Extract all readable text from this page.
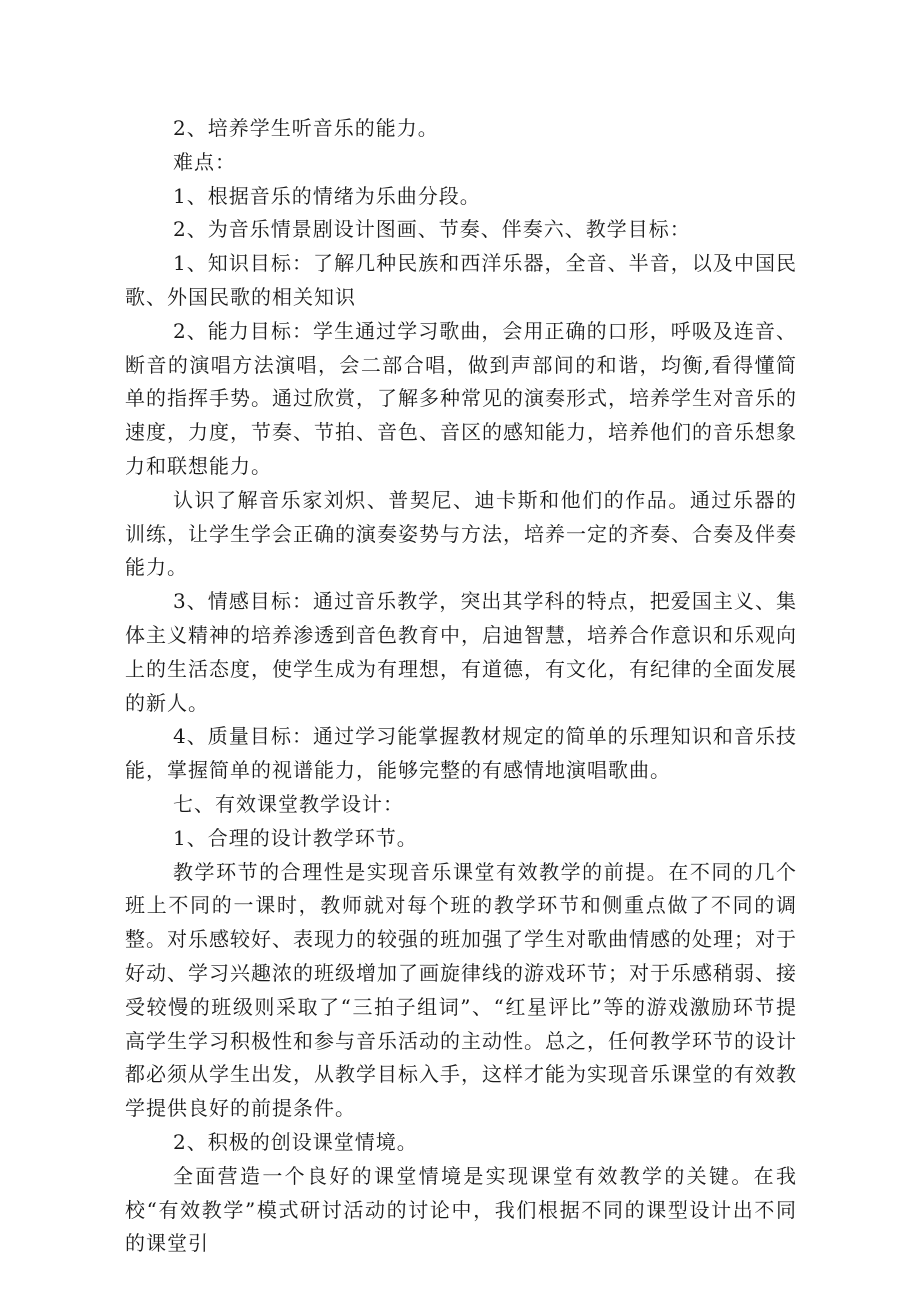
2、培养学生听音乐的能力。

难点：

1、根据音乐的情绪为乐曲分段。

2、为音乐情景剧设计图画、节奏、伴奏六、教学目标：

1、知识目标：了解几种民族和西洋乐器，全音、半音，以及中国民歌、外国民歌的相关知识

2、能力目标：学生通过学习歌曲，会用正确的口形，呼吸及连音、断音的演唱方法演唱，会二部合唱，做到声部间的和谐，均衡,看得懂简单的指挥手势。通过欣赏，了解多种常见的演奏形式，培养学生对音乐的速度，力度，节奏、节拍、音色、音区的感知能力，培养他们的音乐想象力和联想能力。

认识了解音乐家刘炽、普契尼、迪卡斯和他们的作品。通过乐器的训练，让学生学会正确的演奏姿势与方法，培养一定的齐奏、合奏及伴奏能力。

3、情感目标：通过音乐教学，突出其学科的特点，把爱国主义、集体主义精神的培养渗透到音色教育中，启迪智慧，培养合作意识和乐观向上的生活态度，使学生成为有理想，有道德，有文化，有纪律的全面发展的新人。

4、质量目标：通过学习能掌握教材规定的简单的乐理知识和音乐技能，掌握简单的视谱能力，能够完整的有感情地演唱歌曲。

七、有效课堂教学设计：

1、合理的设计教学环节。

教学环节的合理性是实现音乐课堂有效教学的前提。在不同的几个班上不同的一课时，教师就对每个班的教学环节和侧重点做了不同的调整。对乐感较好、表现力的较强的班加强了学生对歌曲情感的处理；对于好动、学习兴趣浓的班级增加了画旋律线的游戏环节；对于乐感稍弱、接受较慢的班级则采取了“三拍子组词”、“红星评比”等的游戏激励环节提高学生学习积极性和参与音乐活动的主动性。总之，任何教学环节的设计都必须从学生出发，从教学目标入手，这样才能为实现音乐课堂的有效教学提供良好的前提条件。

2、积极的创设课堂情境。

全面营造一个良好的课堂情境是实现课堂有效教学的关键。在我校“有效教学”模式研讨活动的讨论中，我们根据不同的课型设计出不同的课堂引
